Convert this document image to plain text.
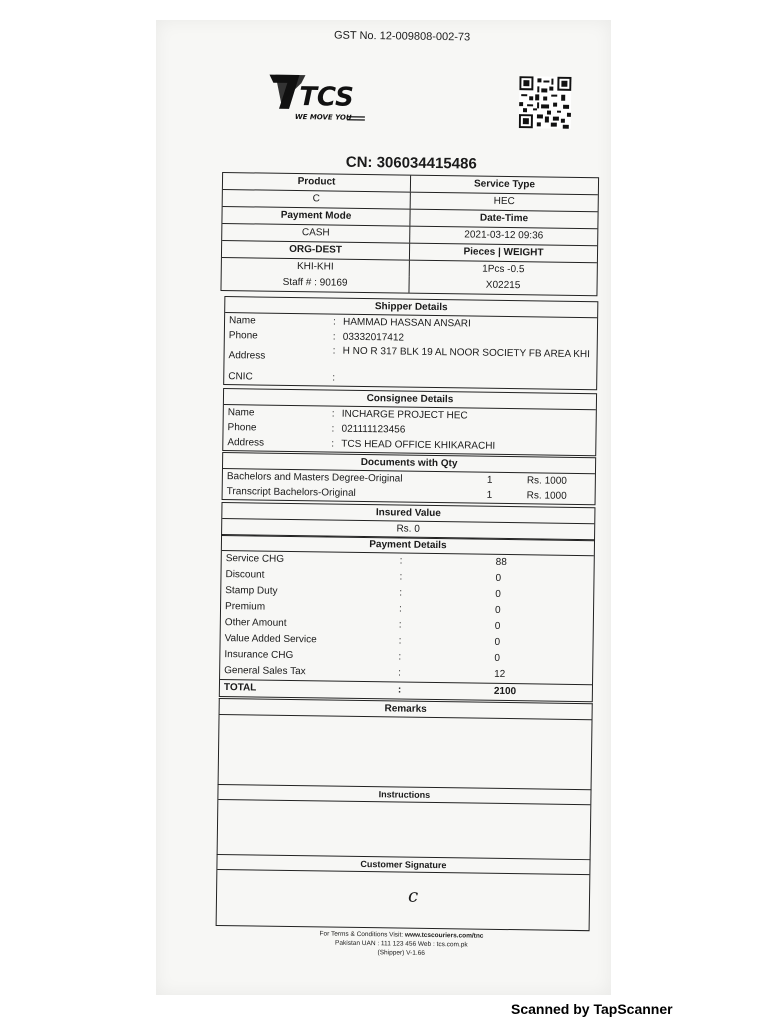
GST No. 12-009808-002-73
TCS
WE MOVE YOU
CN: 306034415486
Product	Service Type
C	HEC
Payment Mode	Date-Time
CASH	2021-03-12 09:36
ORG-DEST	Pieces | WEIGHT
KHI-KHI	1Pcs -0.5
Staff # : 90169	X02215
Shipper Details
Name	: HAMMAD HASSAN ANSARI
Phone	: 03332017412
Address	: H NO R 317 BLK 19 AL NOOR SOCIETY FB AREA KHI
CNIC	:
Consignee Details
Name	: INCHARGE PROJECT HEC
Phone	: 021111123456
Address	: TCS HEAD OFFICE KHIKARACHI
Documents with Qty
Bachelors and Masters Degree-Original	1	Rs. 1000
Transcript Bachelors-Original	1	Rs. 1000
Insured Value
Rs. 0
Payment Details
Service CHG	:	88
Discount	:	0
Stamp Duty	:	0
Premium	:	0
Other Amount	:	0
Value Added Service	:	0
Insurance CHG	:	0
General Sales Tax	:	12
TOTAL	:	2100
Remarks
Instructions
Customer Signature
c
For Terms & Conditions Visit: www.tcscouriers.com/tnc
Pakistan UAN : 111 123 456 Web : tcs.com.pk
(Shipper) V-1.66
Scanned by TapScanner
